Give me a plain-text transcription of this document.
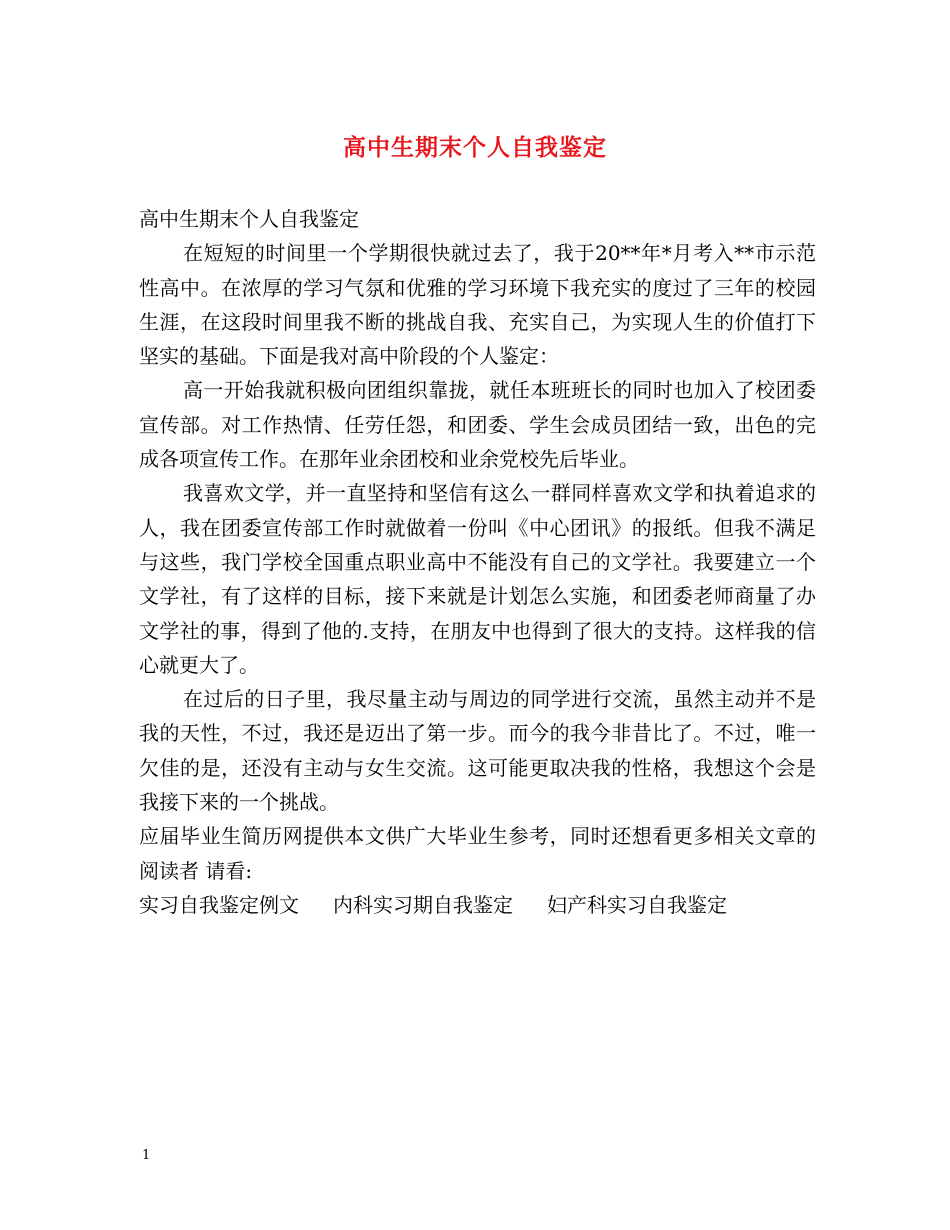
高中生期末个人自我鉴定

高中生期末个人自我鉴定

在短短的时间里一个学期很快就过去了，我于20**年*月考入**市示范性高中。在浓厚的学习气氛和优雅的学习环境下我充实的度过了三年的校园生涯，在这段时间里我不断的挑战自我、充实自己，为实现人生的价值打下坚实的基础。下面是我对高中阶段的个人鉴定：

高一开始我就积极向团组织靠拢，就任本班班长的同时也加入了校团委宣传部。对工作热情、任劳任怨，和团委、学生会成员团结一致，出色的完成各项宣传工作。在那年业余团校和业余党校先后毕业。

我喜欢文学，并一直坚持和坚信有这么一群同样喜欢文学和执着追求的人，我在团委宣传部工作时就做着一份叫《中心团讯》的报纸。但我不满足与这些，我门学校全国重点职业高中不能没有自己的文学社。我要建立一个文学社，有了这样的目标，接下来就是计划怎么实施，和团委老师商量了办文学社的事，得到了他的.支持，在朋友中也得到了很大的支持。这样我的信心就更大了。

在过后的日子里，我尽量主动与周边的同学进行交流，虽然主动并不是我的天性，不过，我还是迈出了第一步。而今的我今非昔比了。不过，唯一欠佳的是，还没有主动与女生交流。这可能更取决我的性格，我想这个会是我接下来的一个挑战。

应届毕业生简历网提供本文供广大毕业生参考，同时还想看更多相关文章的阅读者 请看:

实习自我鉴定例文 内科实习期自我鉴定 妇产科实习自我鉴定
1
